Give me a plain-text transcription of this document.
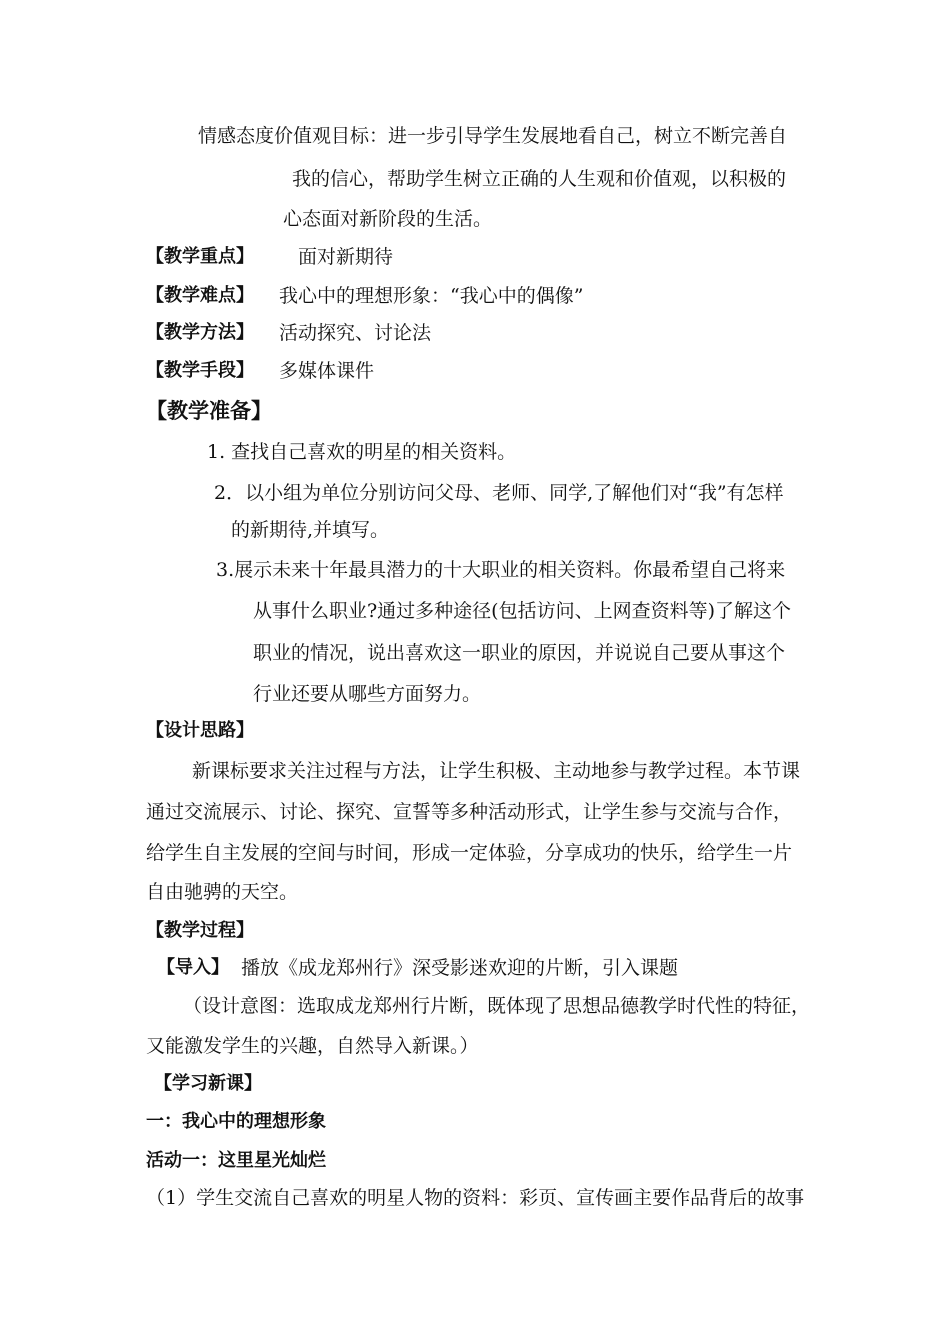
情感态度价值观目标：进一步引导学生发展地看自己，树立不断完善自
我的信心，帮助学生树立正确的人生观和价值观，以积极的
心态面对新阶段的生活。
【教学重点】 面对新期待
【教学难点】 我心中的理想形象：“我心中的偶像”
【教学方法】 活动探究、讨论法
【教学手段】 多媒体课件
【教学准备】
1. 查找自己喜欢的明星的相关资料。
2．以小组为单位分别访问父母、老师、同学,了解他们对“我”有怎样
的新期待,并填写。
3.展示未来十年最具潜力的十大职业的相关资料。你最希望自己将来
从事什么职业?通过多种途径(包括访问、上网查资料等)了解这个
职业的情况，说出喜欢这一职业的原因，并说说自己要从事这个
行业还要从哪些方面努力。
【设计思路】
新课标要求关注过程与方法，让学生积极、主动地参与教学过程。本节课
通过交流展示、讨论、探究、宣誓等多种活动形式，让学生参与交流与合作，
给学生自主发展的空间与时间，形成一定体验，分享成功的快乐，给学生一片
自由驰骋的天空。
【教学过程】
【导入】 播放《成龙郑州行》深受影迷欢迎的片断，引入课题
（设计意图：选取成龙郑州行片断，既体现了思想品德教学时代性的特征，
又能激发学生的兴趣，自然导入新课。）
【学习新课】
一：我心中的理想形象
活动一：这里星光灿烂
（1）学生交流自己喜欢的明星人物的资料：彩页、宣传画主要作品背后的故事
